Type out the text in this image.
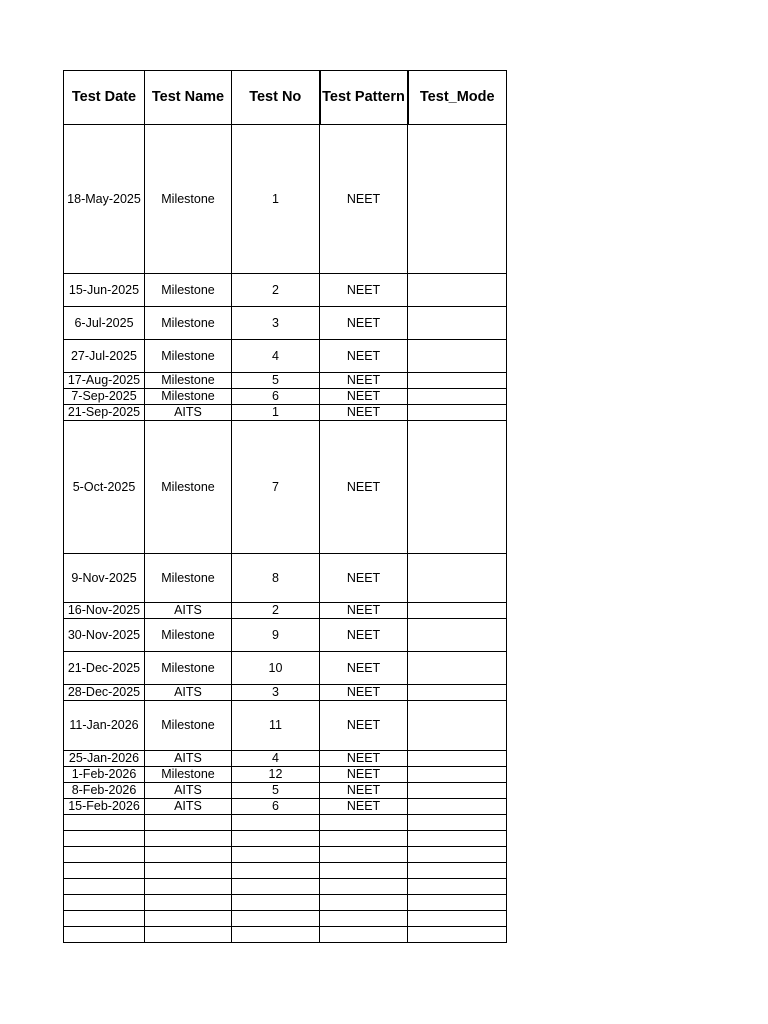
Test Date	Test Name	Test No	Test Pattern	Test_Mode
18-May-2025	Milestone	1	NEET	
15-Jun-2025	Milestone	2	NEET	
6-Jul-2025	Milestone	3	NEET	
27-Jul-2025	Milestone	4	NEET	
17-Aug-2025	Milestone	5	NEET	
7-Sep-2025	Milestone	6	NEET	
21-Sep-2025	AITS	1	NEET	
5-Oct-2025	Milestone	7	NEET	
9-Nov-2025	Milestone	8	NEET	
16-Nov-2025	AITS	2	NEET	
30-Nov-2025	Milestone	9	NEET	
21-Dec-2025	Milestone	10	NEET	
28-Dec-2025	AITS	3	NEET	
11-Jan-2026	Milestone	11	NEET	
25-Jan-2026	AITS	4	NEET	
1-Feb-2026	Milestone	12	NEET	
8-Feb-2026	AITS	5	NEET	
15-Feb-2026	AITS	6	NEET	
